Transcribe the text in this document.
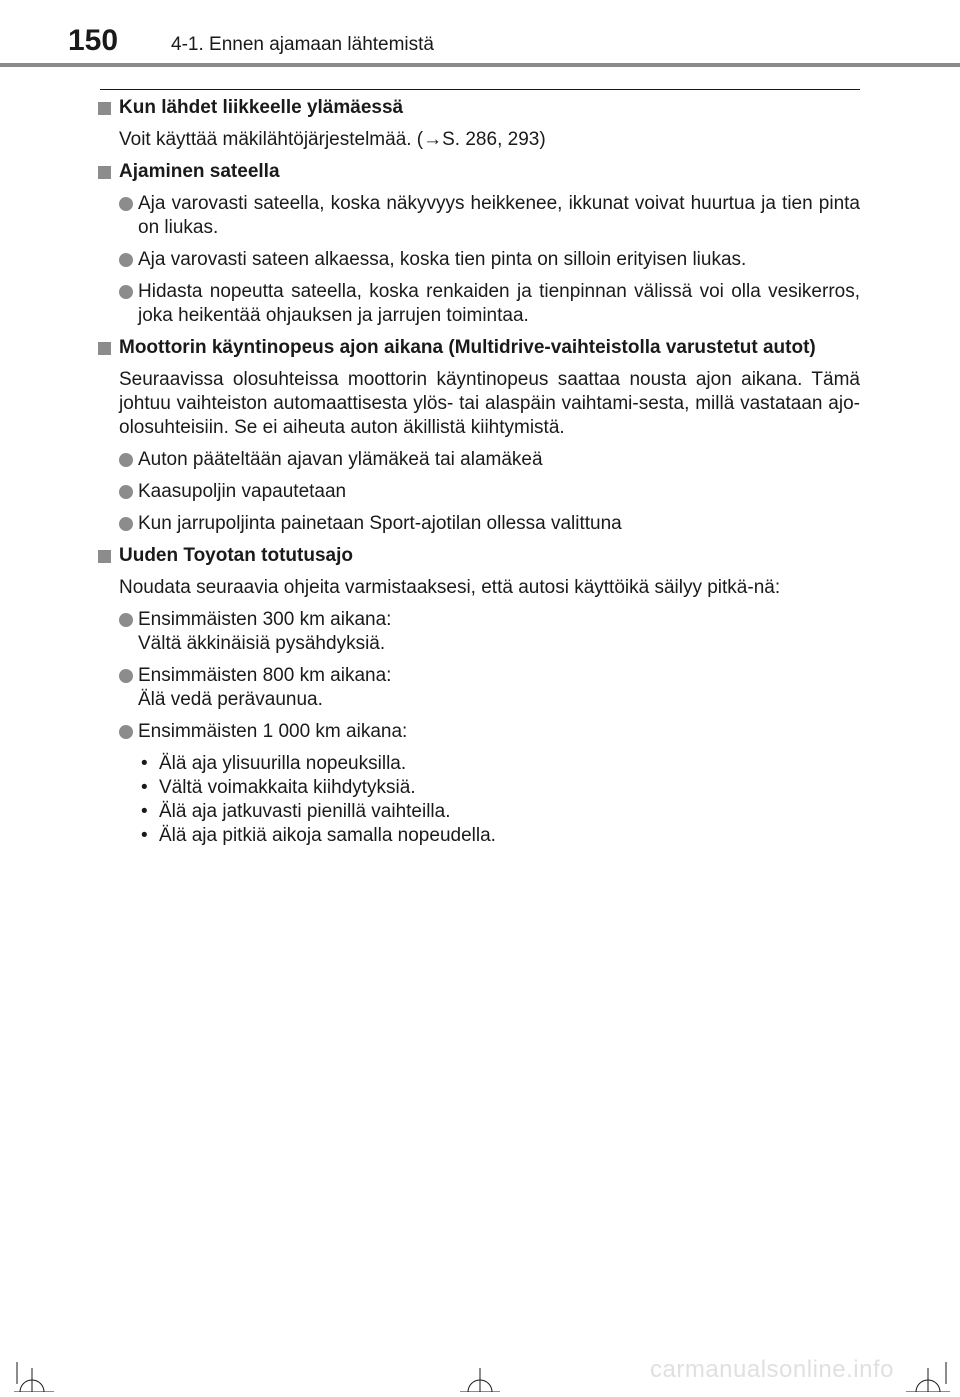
150	4-1. Ennen ajamaan lähtemistä
Kun lähdet liikkeelle ylämäessä
Voit käyttää mäkilähtöjärjestelmää. (→S. 286, 293)
Ajaminen sateella
Aja varovasti sateella, koska näkyvyys heikkenee, ikkunat voivat huurtua ja tien pinta on liukas.
Aja varovasti sateen alkaessa, koska tien pinta on silloin erityisen liukas.
Hidasta nopeutta sateella, koska renkaiden ja tienpinnan välissä voi olla vesikerros, joka heikentää ohjauksen ja jarrujen toimintaa.
Moottorin käyntinopeus ajon aikana (Multidrive-vaihteistolla varustetut autot)
Seuraavissa olosuhteissa moottorin käyntinopeus saattaa nousta ajon aikana. Tämä johtuu vaihteiston automaattisesta ylös- tai alaspäin vaihtami-sesta, millä vastataan ajo-olosuhteisiin. Se ei aiheuta auton äkillistä kiihtymistä.
Auton pääteltään ajavan ylämäkeä tai alamäkeä
Kaasupoljin vapautetaan
Kun jarrupoljinta painetaan Sport-ajotilan ollessa valittuna
Uuden Toyotan totutusajo
Noudata seuraavia ohjeita varmistaaksesi, että autosi käyttöikä säilyy pitkä-nä:
Ensimmäisten 300 km aikana:
Vältä äkkinäisiä pysähdyksiä.
Ensimmäisten 800 km aikana:
Älä vedä perävaunua.
Ensimmäisten 1 000 km aikana:
• Älä aja ylisuurilla nopeuksilla.
• Vältä voimakkaita kiihdytyksiä.
• Älä aja jatkuvasti pienillä vaihteilla.
• Älä aja pitkiä aikoja samalla nopeudella.
carmanualsonline.info
